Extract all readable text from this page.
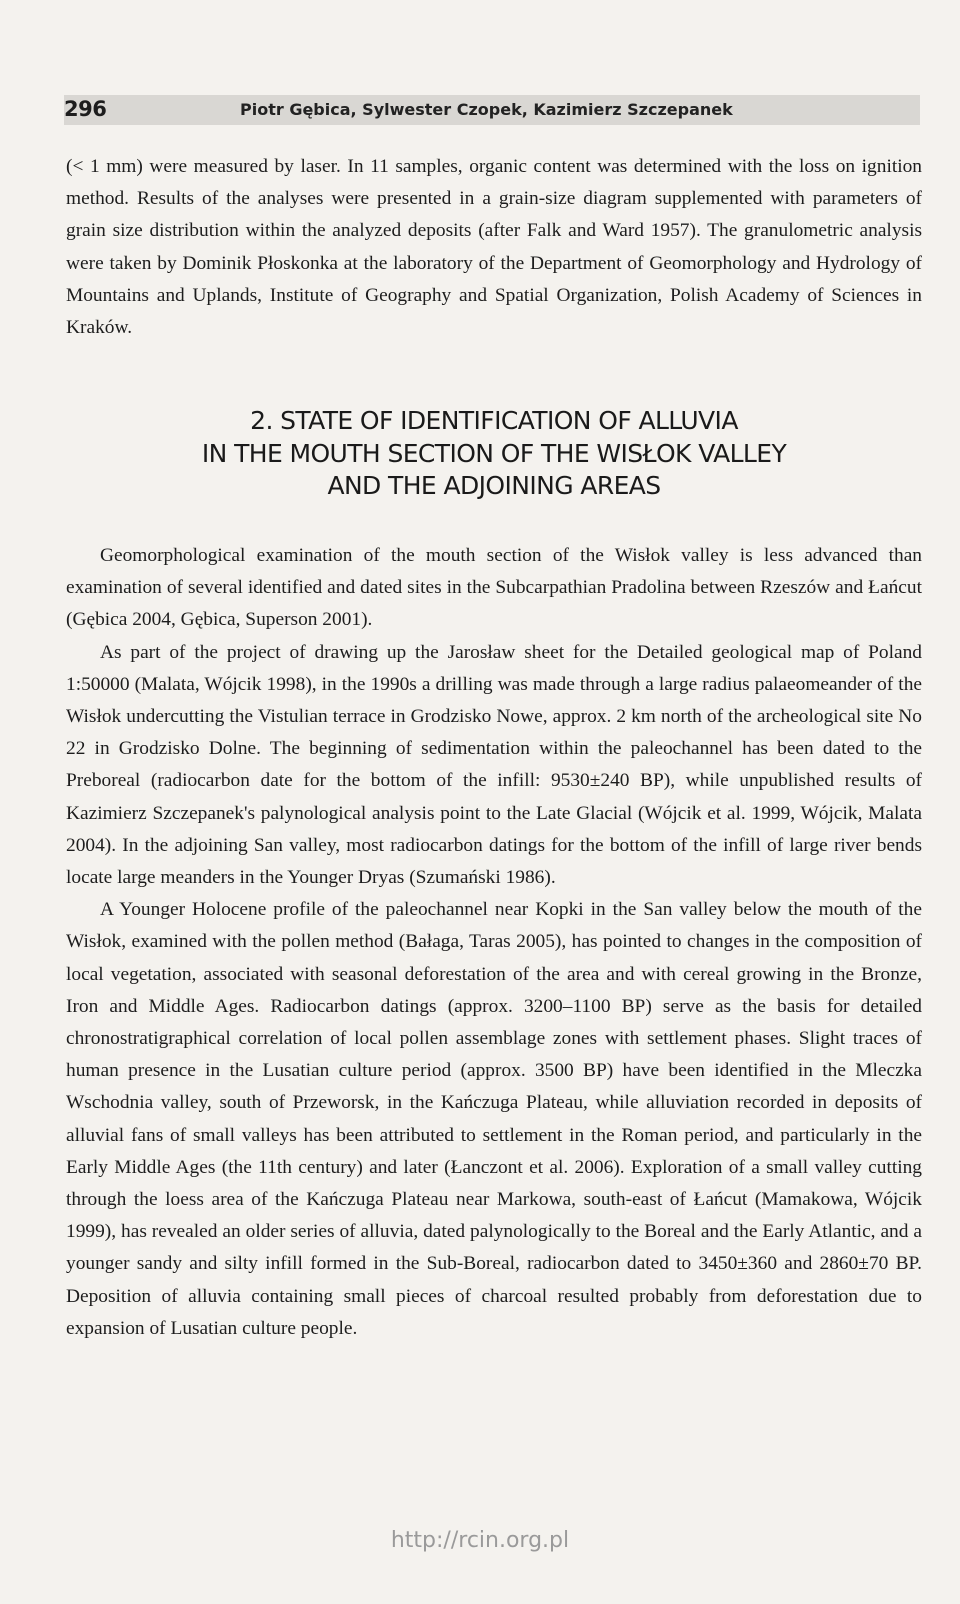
296	Piotr Gębica, Sylwester Czopek, Kazimierz Szczepanek

(< 1 mm) were measured by laser. In 11 samples, organic content was determined with the loss on ignition method. Results of the analyses were presented in a grain-size diagram supplemented with parameters of grain size distribution within the analyzed deposits (after Falk and Ward 1957). The granulometric analysis were taken by Dominik Płoskonka at the laboratory of the Department of Geomorphology and Hydrology of Mountains and Uplands, Institute of Geography and Spatial Organization, Polish Academy of Sciences in Kraków.

2. STATE OF IDENTIFICATION OF ALLUVIA
IN THE MOUTH SECTION OF THE WISŁOK VALLEY
AND THE ADJOINING AREAS

Geomorphological examination of the mouth section of the Wisłok valley is less advanced than examination of several identified and dated sites in the Subcarpathian Pradolina between Rzeszów and Łańcut (Gębica 2004, Gębica, Superson 2001).

As part of the project of drawing up the Jarosław sheet for the Detailed geological map of Poland 1:50000 (Malata, Wójcik 1998), in the 1990s a drilling was made through a large radius palaeomeander of the Wisłok undercutting the Vistulian terrace in Grodzisko Nowe, approx. 2 km north of the archeological site No 22 in Grodzisko Dolne. The beginning of sedimentation within the paleochannel has been dated to the Preboreal (radiocarbon date for the bottom of the infill: 9530±240 BP), while unpublished results of Kazimierz Szczepanek's palynological analysis point to the Late Glacial (Wójcik et al. 1999, Wójcik, Malata 2004). In the adjoining San valley, most radiocarbon datings for the bottom of the infill of large river bends locate large meanders in the Younger Dryas (Szumański 1986).

A Younger Holocene profile of the paleochannel near Kopki in the San valley below the mouth of the Wisłok, examined with the pollen method (Bałaga, Taras 2005), has pointed to changes in the composition of local vegetation, associated with seasonal deforestation of the area and with cereal growing in the Bronze, Iron and Middle Ages. Radiocarbon datings (approx. 3200–1100 BP) serve as the basis for detailed chronostratigraphical correlation of local pollen assemblage zones with settlement phases. Slight traces of human presence in the Lusatian culture period (approx. 3500 BP) have been identified in the Mleczka Wschodnia valley, south of Przeworsk, in the Kańczuga Plateau, while alluviation recorded in deposits of alluvial fans of small valleys has been attributed to settlement in the Roman period, and particularly in the Early Middle Ages (the 11th century) and later (Łanczont et al. 2006). Exploration of a small valley cutting through the loess area of the Kańczuga Plateau near Markowa, south-east of Łańcut (Mamakowa, Wójcik 1999), has revealed an older series of alluvia, dated palynologically to the Boreal and the Early Atlantic, and a younger sandy and silty infill formed in the Sub-Boreal, radiocarbon dated to 3450±360 and 2860±70 BP. Deposition of alluvia containing small pieces of charcoal resulted probably from deforestation due to expansion of Lusatian culture people.

http://rcin.org.pl
